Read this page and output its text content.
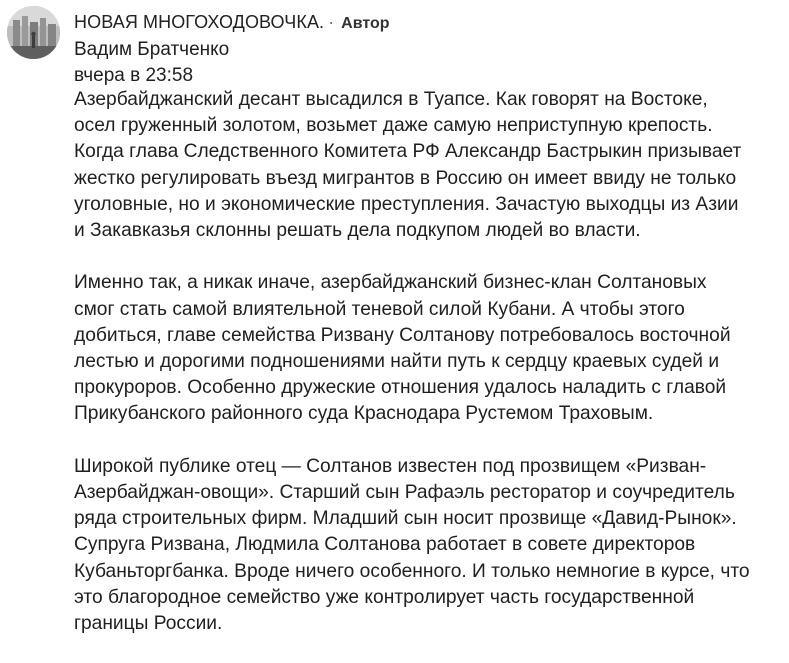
НОВАЯ МНОГОХОДОВОЧКА. · Автор
Вадим Братченко
вчера в 23:58
Азербайджанский десант высадился в Туапсе. Как говорят на Востоке,
осел груженный золотом, возьмет даже самую неприступную крепость.
Когда глава Следственного Комитета РФ Александр Бастрыкин призывает
жестко регулировать въезд мигрантов в Россию он имеет ввиду не только
уголовные, но и экономические преступления. Зачастую выходцы из Азии
и Закавказья склонны решать дела подкупом людей во власти.
Именно так, а никак иначе, азербайджанский бизнес-клан Солтановых
смог стать самой влиятельной теневой силой Кубани. А чтобы этого
добиться, главе семейства Ризвану Солтанову потребовалось восточной
лестью и дорогими подношениями найти путь к сердцу краевых судей и
прокуроров. Особенно дружеские отношения удалось наладить с главой
Прикубанского районного суда Краснодара Рустемом Траховым.
Широкой публике отец — Солтанов известен под прозвищем «Ризван-
Азербайджан-овощи». Старший сын Рафаэль ресторатор и соучредитель
ряда строительных фирм. Младший сын носит прозвище «Давид-Рынок».
Супруга Ризвана, Людмила Солтанова работает в совете директоров
Кубаньторгбанка. Вроде ничего особенного. И только немногие в курсе, что
это благородное семейство уже контролирует часть государственной
границы России.
